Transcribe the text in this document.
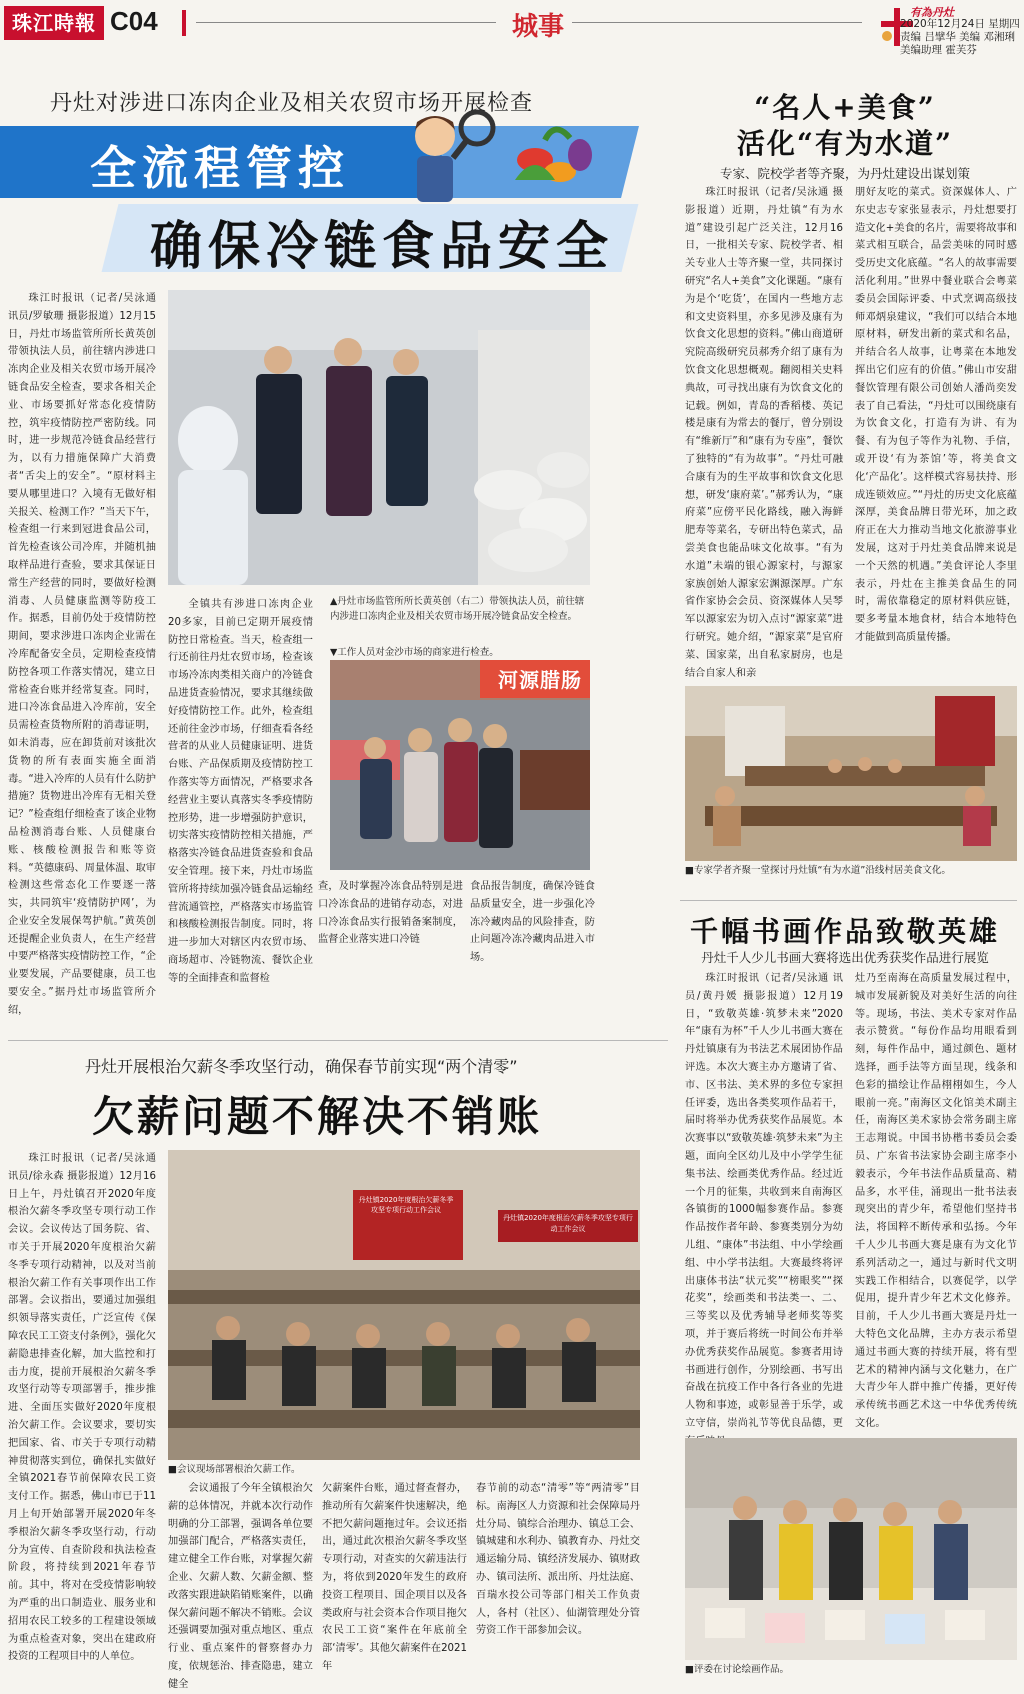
珠江時報 C04	城事	有為丹灶
2020年12月24日 星期四
责编 吕擘华 美编 邓湘琍
美编助理 霍芙芬
丹灶对涉进口冻肉企业及相关农贸市场开展检查
全流程管控
确保冷链食品安全

珠江时报讯（记者/吴泳通 讯员/罗敏珊 摄影报道）12月15日，丹灶市场监管所所长黄英创带领执法人员，前往辖内涉进口冻肉企业及相关农贸市场开展冷链食品安全检查，要求各相关企业、市场要抓好常态化疫情防控，筑牢疫情防控严密防线。同时，进一步规范冷链食品经营行为，以有力措施保障广大消费者“舌尖上的安全”。“原材料主要从哪里进口？入境有无做好相关报关、检测工作？”当天下午，检查组一行来到冠进食品公司，首先检查该公司冷库，并随机抽取样品进行查验，要求其保证日常生产经营的同时，要做好检测消毒、人员健康监测等防疫工作。据悉，目前仍处于疫情防控期间，要求涉进口冻肉企业需在冷库配备安全员，定期检查疫情防控各项工作落实情况，建立日常检查台账并经常复查。同时，进口冷冻食品进入冷库前，安全员需检查货物所附的消毒证明，如未消毒，应在卸货前对该批次货物的所有表面实施全面消毒。“进入冷库的人员有什么防护措施？货物进出冷库有无相关登记？”检查组仔细检查了该企业物品检测消毒台账、人员健康台账、核酸检测报告和账等资料。“英德康码、周量体温、取审检测这些常态化工作要逐一落实，共同筑牢‘疫情防护网’，为企业安全发展保驾护航。”黄英创还提醒企业负责人，在生产经营中要严格落实疫情防控工作，“企业要发展，产品要健康，员工也要安全。”据丹灶市场监管所介绍，

全镇共有涉进口冻肉企业20多家，目前已定期开展疫情防控日常检查。当天，检查组一行还前往丹灶农贸市场，检查该市场冷冻肉类相关商户的冷链食品进货查验情况，要求其继续做好疫情防控工作。此外，检查组还前往金沙市场，仔细查看各经营者的从业人员健康证明、进货台账、产品保质期及疫情防控工作落实等方面情况，严格要求各经营业主要认真落实冬季疫情防控形势，进一步增强防护意识，切实落实疫情防控相关措施，严格落实冷链食品进货查验和食品安全管理。接下来，丹灶市场监管所将持续加强冷链食品运输经营流通管控，严格落实市场监管和核酸检测报告制度。同时，将进一步加大对辖区内农贸市场、商场超市、冷链物流、餐饮企业等的全面排查和监督检

▲丹灶市场监管所所长黄英创（右二）带领执法人员，前往辖内涉进口冻肉企业及相关农贸市场开展冷链食品安全检查。
▼工作人员对金沙市场的商家进行检查。
河源腊肠

查，及时掌握冷冻食品特别是进口冷冻食品的进销存动态，对进口冷冻食品实行报销备案制度，监督企业落实进口冷链

食品报告制度，确保冷链食品质量安全，进一步强化冷冻冷藏肉品的风险排查，防止问题冷冻冷藏肉品进入市场。

“名人+美食”
活化“有为水道”
专家、院校学者等齐聚，为丹灶建设出谋划策

珠江时报讯（记者/吴泳通 摄影报道）近期，丹灶镇“有为水道”建设引起广泛关注，12月16日，一批相关专家、院校学者、相关专业人士等齐聚一堂，共同探讨研究“名人+美食”文化课题。“康有为是个‘吃货’，在国内一些地方志和文史资料里，亦多见涉及康有为饮食文化思想的资料。”佛山商道研究院高级研究员郝秀介绍了康有为饮食文化思想概观。翻阅相关史料典故，可寻找出康有为饮食文化的记载。例如，青岛的香稻楼、英记楼是康有为常去的餐厅，曾分别设有“维新厅”和“康有为专座”，餐饮了独特的“有为故事”。“丹灶可融合康有为的生平故事和饮食文化思想，研发‘康府菜’。”郝秀认为，“康府菜”应傍平民化路线，融入海鲜肥寿等菜名，专研出特色菜式，品尝美食也能品味文化故事。“有为水道”未端的银心源家村，与源家家族创始人源家宏渊源深厚。广东省作家协会会员、资深媒体人吴琴军以源家宏为切入点讨“源家菜”进行研究。她介绍，“源家菜”是官府菜、国家菜，出自私家厨房，也是结合自家人和亲

朋好友吃的菜式。资深媒体人、广东史志专家张显表示，丹灶想要打造文化+美食的名片，需要将故事和菜式相互联合，品尝美味的同时感受历史文化底蕴。“名人的故事需要活化利用。”世界中餐业联合会粤菜委员会国际评委、中式烹调高级技师邓炳泉建议，“我们可以结合本地原材料，研发出新的菜式和名品，并结合名人故事，让粤菜在本地发挥出它们应有的价值。”佛山市安甜餐饮管理有限公司创始人潘尚奕发表了自己看法，“丹灶可以围绕康有为饮食文化，打造有为讲、有为餐、有为包子等作为礼物、手信，或开设‘有为茶馆’等，将美食文化‘产品化’。这样模式容易扶持、形成连锁效应。”“丹灶的历史文化底蕴深厚，美食品牌日带光环，加之政府正在大力推动当地文化旅游事业发展，这对于丹灶美食品牌来说是一个天然的机遇。”美食评论人李里表示，丹灶在主推美食品生的同时，需依靠稳定的原材料供应链，要多考量本地食材，结合本地特色才能做到高质量传播。

■专家学者齐聚一堂探讨丹灶镇“有为水道”沿线村居美食文化。
千幅书画作品致敬英雄
丹灶千人少儿书画大赛将选出优秀获奖作品进行展览

珠江时报讯（记者/吴泳通 讯员/黄丹媛 摄影报道）12月19日，“致敬英雄·筑梦未来”2020年“康有为杯”千人少儿书画大赛在丹灶镇康有为书法艺术展团协作品评选。本次大赛主办方邀请了省、市、区书法、美术界的多位专家担任评委，选出各类奖项作品若干，届时将举办优秀获奖作品展览。本次赛事以“致敬英雄·筑梦未来”为主题，面向全区幼儿及中小学学生征集书法、绘画类优秀作品。经过近一个月的征集，共收到来自南海区各镇街的1000幅参赛作品。参赛作品按作者年龄、参赛类别分为幼儿组、“康体”书法组、中小学绘画组、中小学书法组。大赛最终将评出康体书法“状元奖”“榜眼奖”“探花奖”，绘画类和书法类一、二、三等奖以及优秀辅导老师奖等奖项，并于赛后将统一时间公布并举办优秀获奖作品展览。参赛者用诗书画进行创作，分别绘画、书写出奋战在抗疫工作中各行各业的先进人物和事迹，或彰显善于乐学，或立守信，崇尚礼节等优良品德，更

灶乃至南海在高质量发展过程中，城市发展新貌及对美好生活的向往等。现场，书法、美术专家对作品表示赞赏。“每份作品均用眼看到刻，每件作品中，通过颜色、题材选择，画手法等方面呈现，线条和色彩的描绘让作品栩栩如生，今人眼前一亮。”南海区文化馆美术副主任，南海区美术家协会常务副主席王志翔说。中国书协楷书委员会委员、广东省书法家协会副主席李小毅表示，今年书法作品质量高、精品多，水平佳，涌现出一批书法表现突出的青少年，希望他们坚持书法，将国粹不断传承和弘扬。今年千人少儿书画大赛是康有为文化节系列活动之一，通过与新时代文明实践工作相结合，以赛促学，以学促用，提升青少年艺术文化修养。目前，千人少儿书画大赛是丹灶一大特色文化品牌，主办方表示希望通过书画大赛的持续开展，将有型艺术的精神内涵与文化魅力，在广大青少年人群中推广传播，更好传承传统书画艺术这一中华优秀传统文化。

■评委在讨论绘画作品。
丹灶开展根治欠薪冬季攻坚行动，确保春节前实现“两个清零”
欠薪问题不解决不销账

珠江时报讯（记者/吴泳通 讯员/徐永森 摄影报道）12月16日上午，丹灶镇召开2020年度根治欠薪冬季攻坚专项行动工作会议。会议传达了国务院、省、市关于开展2020年度根治欠薪冬季专项行动精神，以及对当前根治欠薪工作有关事项作出工作部署。会议指出，要通过加强组织领导落实责任，广泛宣传《保障农民工工资支付条例》，强化欠薪隐患排查化解，加大监控和打击力度，提前开展根治欠薪冬季攻坚行动等专项部署手，推步推进、全面压实做好2020年度根治欠薪工作。会议要求，要切实把国家、省、市关于专项行动精神贯彻落实到位，确保扎实做好全镇2021春节前保障农民工资支付工作。据悉，佛山市已于11月上旬开始部署开展2020年冬季根治欠薪冬季攻坚行动，行动分为宣传、自查阶段和执法检查阶段，将持续到2021年春节前。其中，将对在受疫情影响较为严重的出口制造业、服务业和招用农民工较多的工程建设领域为重点检查对象，突出在建政府投资的工程项目中的人单位。

丹灶镇2020年度根治欠薪冬季攻坚专项行动工作会议
丹灶镇2020年度根治欠薪冬季攻坚专项行动工作会议
■会议现场部署根治欠薪工作。

会议通报了今年全镇根治欠薪的总体情况，并就本次行动作明确的分工部署，强调各单位要加强部门配合，严格落实责任，建立健全工作台账，对掌握欠薪企业、欠薪人数、欠薪金额、整改落实跟进缺陷销账案件，以确保欠薪问题不解决不销账。会议还强调要加强对重点地区、重点行业、重点案件的督察督办力度，依规惩治、排查隐患，建立健全

欠薪案件台账，通过督查督办，推动所有欠薪案件快速解决，绝不把欠薪问题拖过年。会议还指出，通过此次根治欠薪冬季攻坚专项行动，对查实的欠薪违法行为，将依到2020年发生的政府投资工程项目、国企项目以及各类政府与社会资本合作项目拖欠农民工工资“案件在年底前全部‘清零’。其他欠薪案件在2021年

春节前的动态“清零”等“两清零”目标。南海区人力资源和社会保障局丹灶分局、镇综合治理办、镇总工会、镇城建和水利办、镇教育办、丹灶交通运输分局、镇经济发展办、镇财政办、镇司法所、派出所、丹灶法庭、百瑞水投公司等部门相关工作负责人，各村（社区）、仙湖管理处分管劳资工作干部参加会议。
